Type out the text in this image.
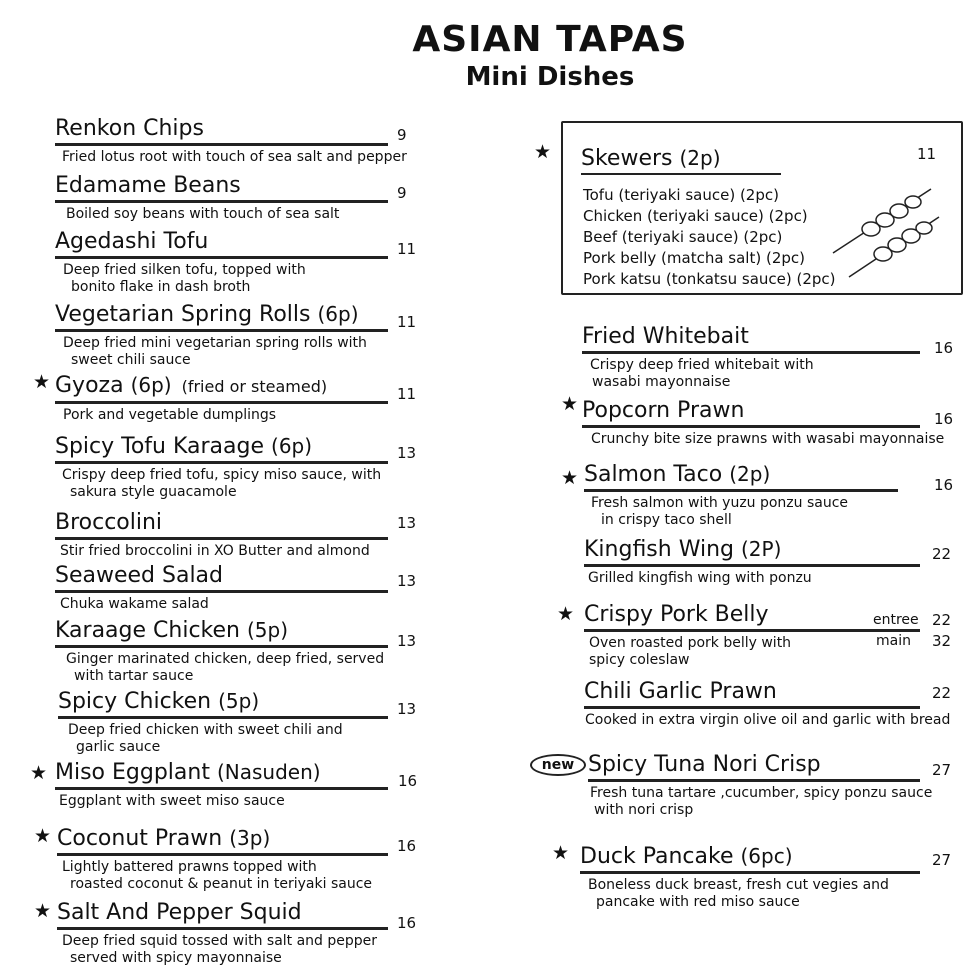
ASIAN TAPAS
Mini Dishes
Renkon Chips
Fried lotus root with touch of sea salt and pepper
9
Edamame Beans
Boiled soy beans with touch of sea salt
9
Agedashi Tofu
Deep fried silken tofu, topped with
bonito flake in dash broth
11
Vegetarian Spring Rolls (6p)
Deep fried mini vegetarian spring rolls with
sweet chili sauce
11
★ Gyoza (6p) (fried or steamed)
Pork and vegetable dumplings
11
Spicy Tofu Karaage (6p)
Crispy deep fried tofu, spicy miso sauce, with
sakura style guacamole
13
Broccolini
Stir fried broccolini in XO Butter and almond
13
Seaweed Salad
Chuka wakame salad
13
Karaage Chicken (5p)
Ginger marinated chicken, deep fried, served
with tartar sauce
13
Spicy Chicken (5p)
Deep fried chicken with sweet chili and
garlic sauce
13
★ Miso Eggplant (Nasuden)
Eggplant with sweet miso sauce
16
★ Coconut Prawn (3p)
Lightly battered prawns topped with
roasted coconut & peanut in teriyaki sauce
16
★ Salt And Pepper Squid
Deep fried squid tossed with salt and pepper
served with spicy mayonnaise
16
★ Skewers (2p)	11
Tofu (teriyaki sauce) (2pc)
Chicken (teriyaki sauce) (2pc)
Beef (teriyaki sauce) (2pc)
Pork belly (matcha salt) (2pc)
Pork katsu (tonkatsu sauce) (2pc)
Fried Whitebait
Crispy deep fried whitebait with
wasabi mayonnaise
16
★ Popcorn Prawn
Crunchy bite size prawns with wasabi mayonnaise
16
★ Salmon Taco (2p)
Fresh salmon with yuzu ponzu sauce
in crispy taco shell
16
Kingfish Wing (2P)
Grilled kingfish wing with ponzu
22
★ Crispy Pork Belly
Oven roasted pork belly with
spicy coleslaw
entree 22
main 32
Chili Garlic Prawn
Cooked in extra virgin olive oil and garlic with bread
22
new Spicy Tuna Nori Crisp
Fresh tuna tartare ,cucumber, spicy ponzu sauce
with nori crisp
27
★ Duck Pancake (6pc)
Boneless duck breast, fresh cut vegies and
pancake with red miso sauce
27
